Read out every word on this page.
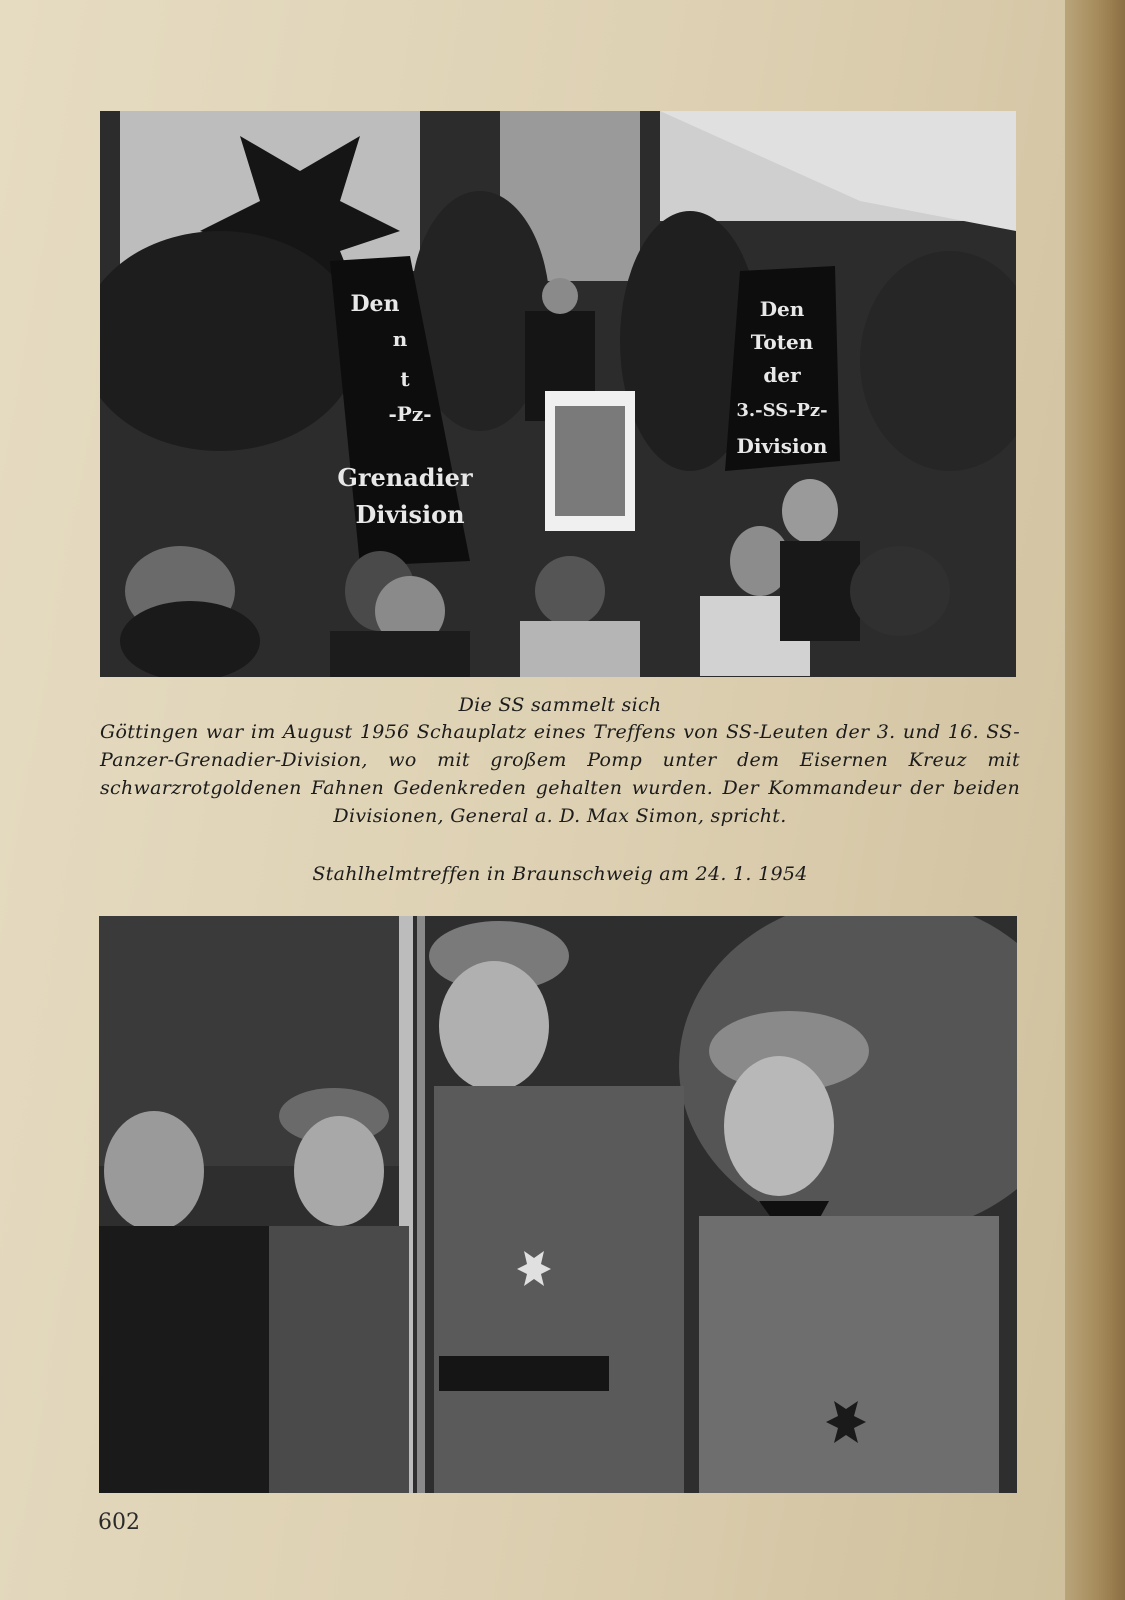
Den
n
t
-Pz-
Grenadier
Division
Den
Toten
der
3.-SS-Pz-
Division
Die SS sammelt sich
Göttingen war im August 1956 Schauplatz eines Treffens von SS-Leuten der 3. und 16. SS-Panzer-Grenadier-Division, wo mit großem Pomp unter dem Eisernen Kreuz mit schwarzrotgoldenen Fahnen Gedenkreden gehalten wurden. Der Kommandeur der beiden Divisionen, General a. D. Max Simon, spricht.
Stahlhelmtreffen in Braunschweig am 24. 1. 1954
602
